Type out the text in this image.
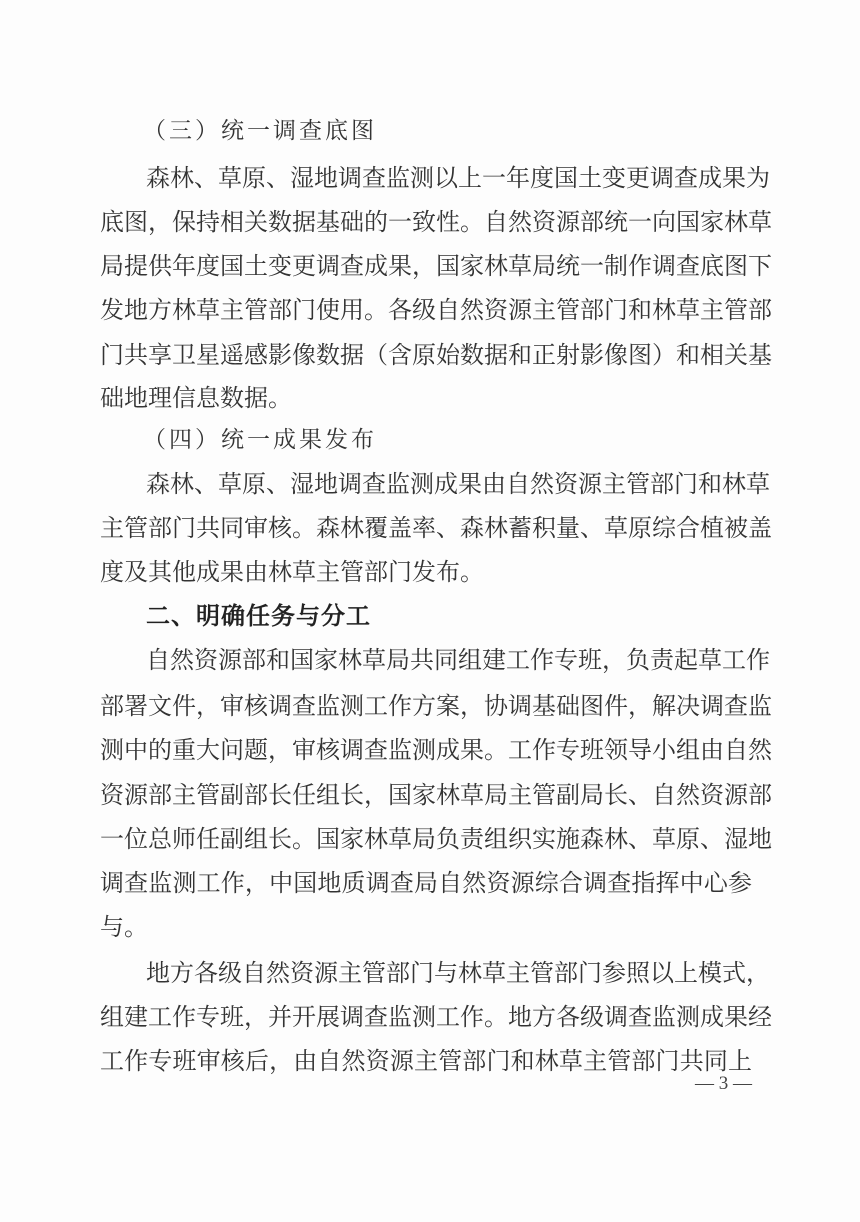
（三）统一调查底图
森林、草原、湿地调查监测以上一年度国土变更调查成果为
底图，保持相关数据基础的一致性。自然资源部统一向国家林草
局提供年度国土变更调查成果，国家林草局统一制作调查底图下
发地方林草主管部门使用。各级自然资源主管部门和林草主管部
门共享卫星遥感影像数据（含原始数据和正射影像图）和相关基
础地理信息数据。
（四）统一成果发布
森林、草原、湿地调查监测成果由自然资源主管部门和林草
主管部门共同审核。森林覆盖率、森林蓄积量、草原综合植被盖
度及其他成果由林草主管部门发布。
二、明确任务与分工
自然资源部和国家林草局共同组建工作专班，负责起草工作
部署文件，审核调查监测工作方案，协调基础图件，解决调查监
测中的重大问题，审核调查监测成果。工作专班领导小组由自然
资源部主管副部长任组长，国家林草局主管副局长、自然资源部
一位总师任副组长。国家林草局负责组织实施森林、草原、湿地
调查监测工作，中国地质调查局自然资源综合调查指挥中心参
与。
地方各级自然资源主管部门与林草主管部门参照以上模式，
组建工作专班，并开展调查监测工作。地方各级调查监测成果经
工作专班审核后，由自然资源主管部门和林草主管部门共同上
— 3 —
